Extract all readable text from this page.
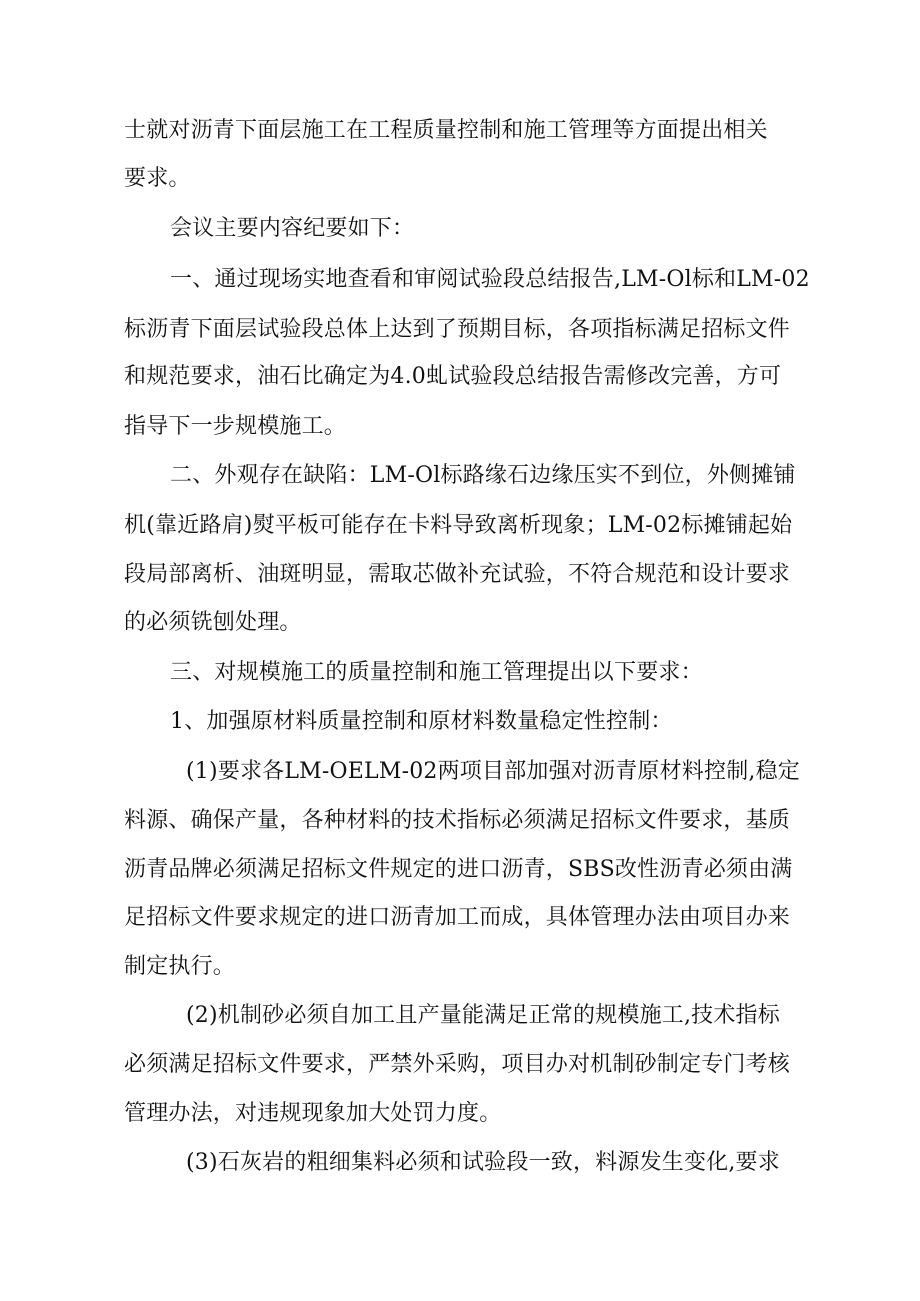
士就对沥青下面层施工在工程质量控制和施工管理等方面提出相关
要求。
会议主要内容纪要如下：
一、通过现场实地查看和审阅试验段总结报告,LM-Ol标和LM-02
标沥青下面层试验段总体上达到了预期目标，各项指标满足招标文件
和规范要求，油石比确定为4.0虬试验段总结报告需修改完善，方可
指导下一步规模施工。
二、外观存在缺陷：LM-Ol标路缘石边缘压实不到位，外侧摊铺
机(靠近路肩)熨平板可能存在卡料导致离析现象；LM-02标摊铺起始
段局部离析、油斑明显，需取芯做补充试验，不符合规范和设计要求
的必须铣刨处理。
三、对规模施工的质量控制和施工管理提出以下要求：
1、加强原材料质量控制和原材料数量稳定性控制：
(1)要求各LM-OELM-02两项目部加强对沥青原材料控制,稳定
料源、确保产量，各种材料的技术指标必须满足招标文件要求，基质
沥青品牌必须满足招标文件规定的进口沥青，SBS改性沥青必须由满
足招标文件要求规定的进口沥青加工而成，具体管理办法由项目办来
制定执行。
(2)机制砂必须自加工且产量能满足正常的规模施工,技术指标
必须满足招标文件要求，严禁外采购，项目办对机制砂制定专门考核
管理办法，对违规现象加大处罚力度。
(3)石灰岩的粗细集料必须和试验段一致，料源发生变化,要求
